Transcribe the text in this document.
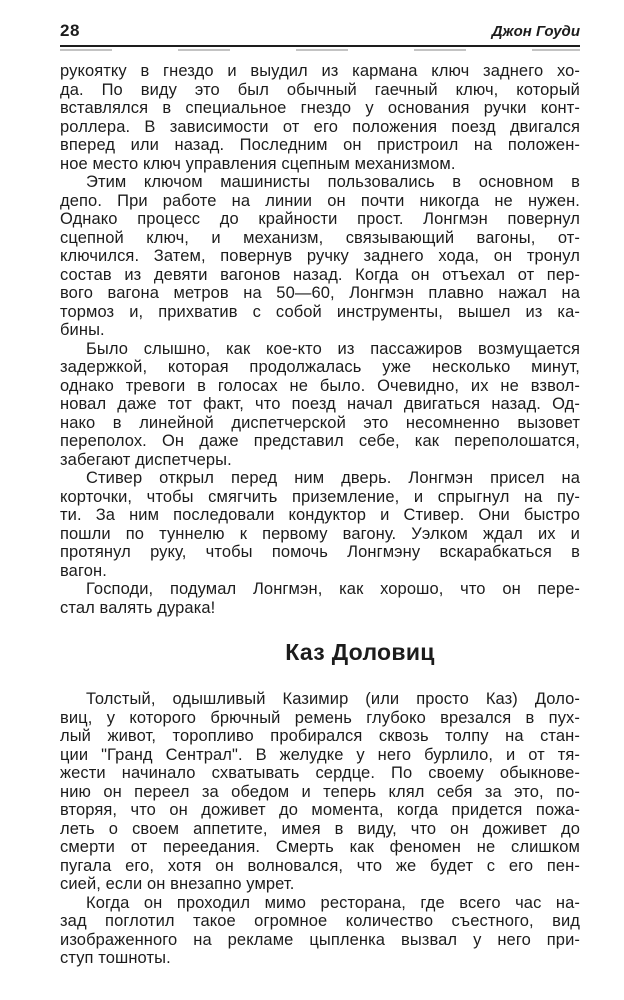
28	Джон Гоуди
рукоятку в гнездо и выудил из кармана ключ заднего хо-
да. По виду это был обычный гаечный ключ, который
вставлялся в специальное гнездо у основания ручки конт-
роллера. В зависимости от его положения поезд двигался
вперед или назад. Последним он пристроил на положен-
ное место ключ управления сцепным механизмом.
Этим ключом машинисты пользовались в основном в
депо. При работе на линии он почти никогда не нужен.
Однако процесс до крайности прост. Лонгмэн повернул
сцепной ключ, и механизм, связывающий вагоны, от-
ключился. Затем, повернув ручку заднего хода, он тронул
состав из девяти вагонов назад. Когда он отъехал от пер-
вого вагона метров на 50—60, Лонгмэн плавно нажал на
тормоз и, прихватив с собой инструменты, вышел из ка-
бины.
Было слышно, как кое-кто из пассажиров возмущается
задержкой, которая продолжалась уже несколько минут,
однако тревоги в голосах не было. Очевидно, их не взвол-
новал даже тот факт, что поезд начал двигаться назад. Од-
нако в линейной диспетчерской это несомненно вызовет
переполох. Он даже представил себе, как переполошатся,
забегают диспетчеры.
Стивер открыл перед ним дверь. Лонгмэн присел на
корточки, чтобы смягчить приземление, и спрыгнул на пу-
ти. За ним последовали кондуктор и Стивер. Они быстро
пошли по туннелю к первому вагону. Уэлком ждал их и
протянул руку, чтобы помочь Лонгмэну вскарабкаться в
вагон.
Господи, подумал Лонгмэн, как хорошо, что он пере-
стал валять дурака!
Каз Доловиц
Толстый, одышливый Казимир (или просто Каз) Доло-
виц, у которого брючный ремень глубоко врезался в пух-
лый живот, торопливо пробирался сквозь толпу на стан-
ции "Гранд Сентрал". В желудке у него бурлило, и от тя-
жести начинало схватывать сердце. По своему обыкнове-
нию он переел за обедом и теперь клял себя за это, по-
вторяя, что он доживет до момента, когда придется пожа-
леть о своем аппетите, имея в виду, что он доживет до
смерти от переедания. Смерть как феномен не слишком
пугала его, хотя он волновался, что же будет с его пен-
сией, если он внезапно умрет.
Когда он проходил мимо ресторана, где всего час на-
зад поглотил такое огромное количество съестного, вид
изображенного на рекламе цыпленка вызвал у него при-
ступ тошноты.
